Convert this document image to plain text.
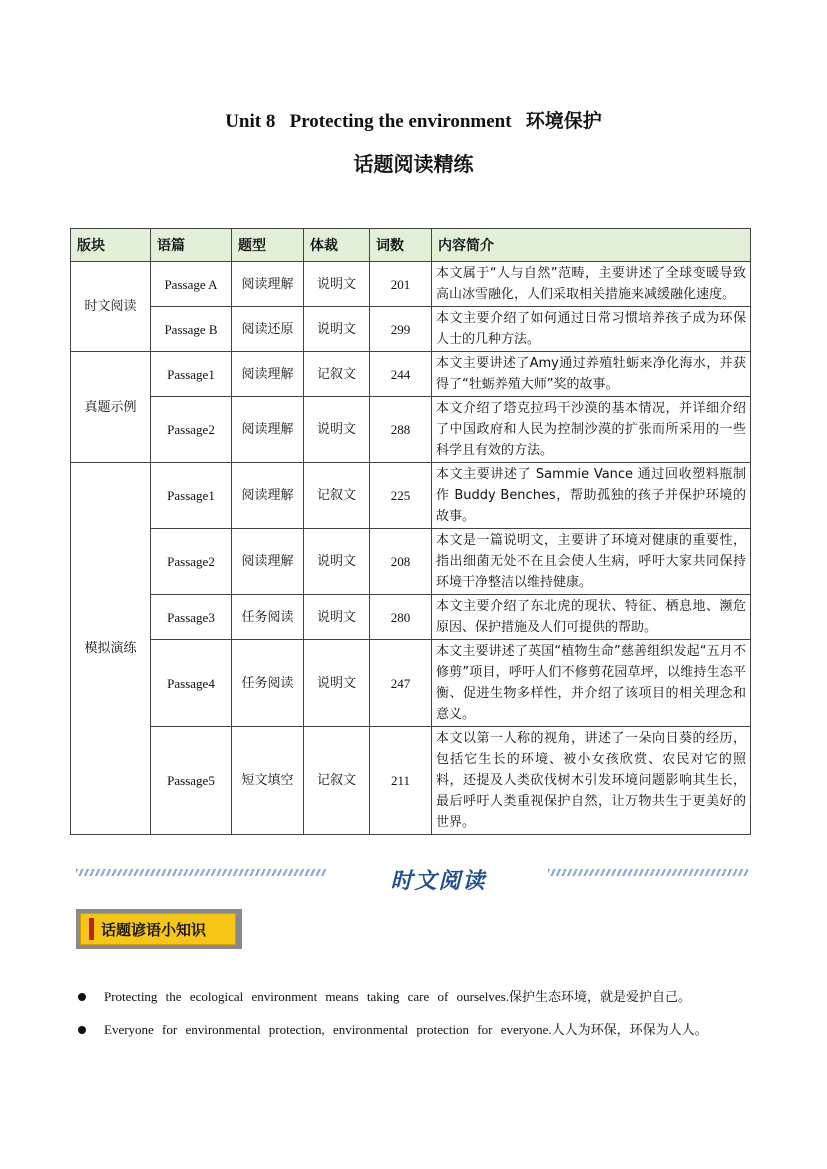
Unit 8   Protecting the environment   环境保护
话题阅读精练
版块	语篇	题型	体裁	词数	内容简介
时文阅读	Passage A	阅读理解	说明文	201	本文属于“人与自然”范畴，主要讲述了全球变暖导致高山冰雪融化，人们采取相关措施来减缓融化速度。
	Passage B	阅读还原	说明文	299	本文主要介绍了如何通过日常习惯培养孩子成为环保人士的几种方法。
真题示例	Passage1	阅读理解	记叙文	244	本文主要讲述了Amy通过养殖牡蛎来净化海水，并获得了“牡蛎养殖大师”奖的故事。
	Passage2	阅读理解	说明文	288	本文介绍了塔克拉玛干沙漠的基本情况，并详细介绍了中国政府和人民为控制沙漠的扩张而所采用的一些科学且有效的方法。
模拟演练	Passage1	阅读理解	记叙文	225	本文主要讲述了 Sammie Vance 通过回收塑料瓶制作 Buddy Benches，帮助孤独的孩子并保护环境的故事。
	Passage2	阅读理解	说明文	208	本文是一篇说明文，主要讲了环境对健康的重要性，指出细菌无处不在且会使人生病，呼吁大家共同保持环境干净整洁以维持健康。
	Passage3	任务阅读	说明文	280	本文主要介绍了东北虎的现状、特征、栖息地、濒危原因、保护措施及人们可提供的帮助。
	Passage4	任务阅读	说明文	247	本文主要讲述了英国“植物生命”慈善组织发起“五月不修剪”项目，呼吁人们不修剪花园草坪，以维持生态平衡、促进生物多样性，并介绍了该项目的相关理念和意义。
	Passage5	短文填空	记叙文	211	本文以第一人称的视角，讲述了一朵向日葵的经历，包括它生长的环境、被小女孩欣赏、农民对它的照料，还提及人类砍伐树木引发环境问题影响其生长，最后呼吁人类重视保护自然，让万物共生于更美好的世界。
时文阅读
话题谚语小知识
Protecting the ecological environment means taking care of ourselves.保护生态环境，就是爱护自己。
Everyone for environmental protection, environmental protection for everyone.人人为环保，环保为人人。
